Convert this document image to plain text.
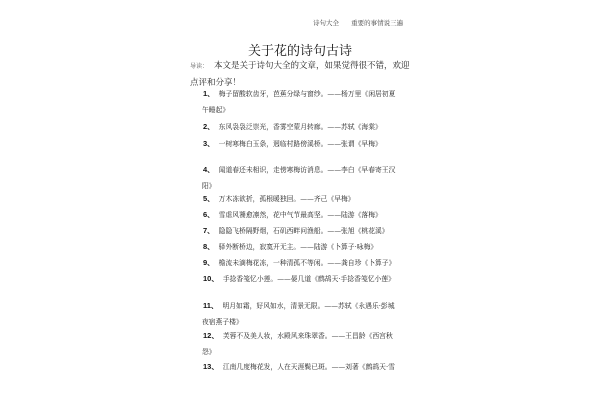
诗句大全 重要的事情说三遍
关于花的诗句古诗
导读： 本文是关于诗句大全的文章，如果觉得很不错，欢迎点评和分享！
1、 梅子留酸软齿牙，芭蕉分绿与窗纱。——杨万里《闲居初夏
午睡起》
2、 东风袅袅泛崇光，香雾空蒙月转廊。——苏轼《海棠》
3、 一树寒梅白玉条，迥临村路傍溪桥。——张谓《早梅》
4、 闻道春还未相识，走傍寒梅访消息。——李白《早春寄王汉
阳》
5、 万木冻欲折，孤根暖独回。——齐己《早梅》
6、 雪虐风饕愈凛然，花中气节最高坚。——陆游《落梅》
7、 隐隐飞桥隔野烟，石矶西畔问渔船。——张旭《桃花溪》
8、 驿外断桥边，寂寞开无主。——陆游《卜算子·咏梅》
9、 檐流未滴梅花冻，一种清孤不等闲。——龚自珍《卜算子》
10、 手捻香笺忆小莲。——晏几道《鹧鸪天·手捻香笺忆小莲》
11、 明月如霜，好风如水，清景无限。——苏轼《永遇乐·彭城
夜宿燕子楼》
12、 芙蓉不及美人妆，水殿风来珠翠香。——王昌龄《西宫秋
怨》
13、 江南几度梅花发，人在天涯鬓已斑。——刘著《鹧鸪天·雪
